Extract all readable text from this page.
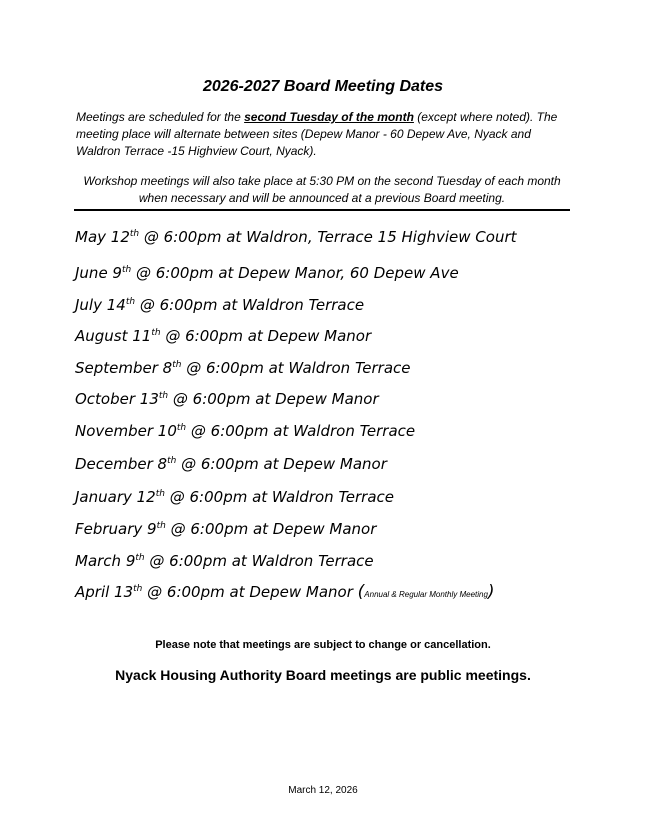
2026-2027 Board Meeting Dates

Meetings are scheduled for the second Tuesday of the month (except where noted). The meeting place will alternate between sites (Depew Manor - 60 Depew Ave, Nyack and Waldron Terrace -15 Highview Court, Nyack).

Workshop meetings will also take place at 5:30 PM on the second Tuesday of each month when necessary and will be announced at a previous Board meeting.

May 12th @ 6:00pm at Waldron, Terrace 15 Highview Court

June 9th @ 6:00pm at Depew Manor, 60 Depew Ave

July 14th @ 6:00pm at Waldron Terrace

August 11th @ 6:00pm at Depew Manor

September 8th @ 6:00pm at Waldron Terrace

October 13th @ 6:00pm at Depew Manor

November 10th @ 6:00pm at Waldron Terrace

December 8th @ 6:00pm at Depew Manor

January 12th @ 6:00pm at Waldron Terrace

February 9th @ 6:00pm at Depew Manor

March 9th @ 6:00pm at Waldron Terrace

April 13th @ 6:00pm at Depew Manor (Annual & Regular Monthly Meeting)

Please note that meetings are subject to change or cancellation.

Nyack Housing Authority Board meetings are public meetings.

March 12, 2026
